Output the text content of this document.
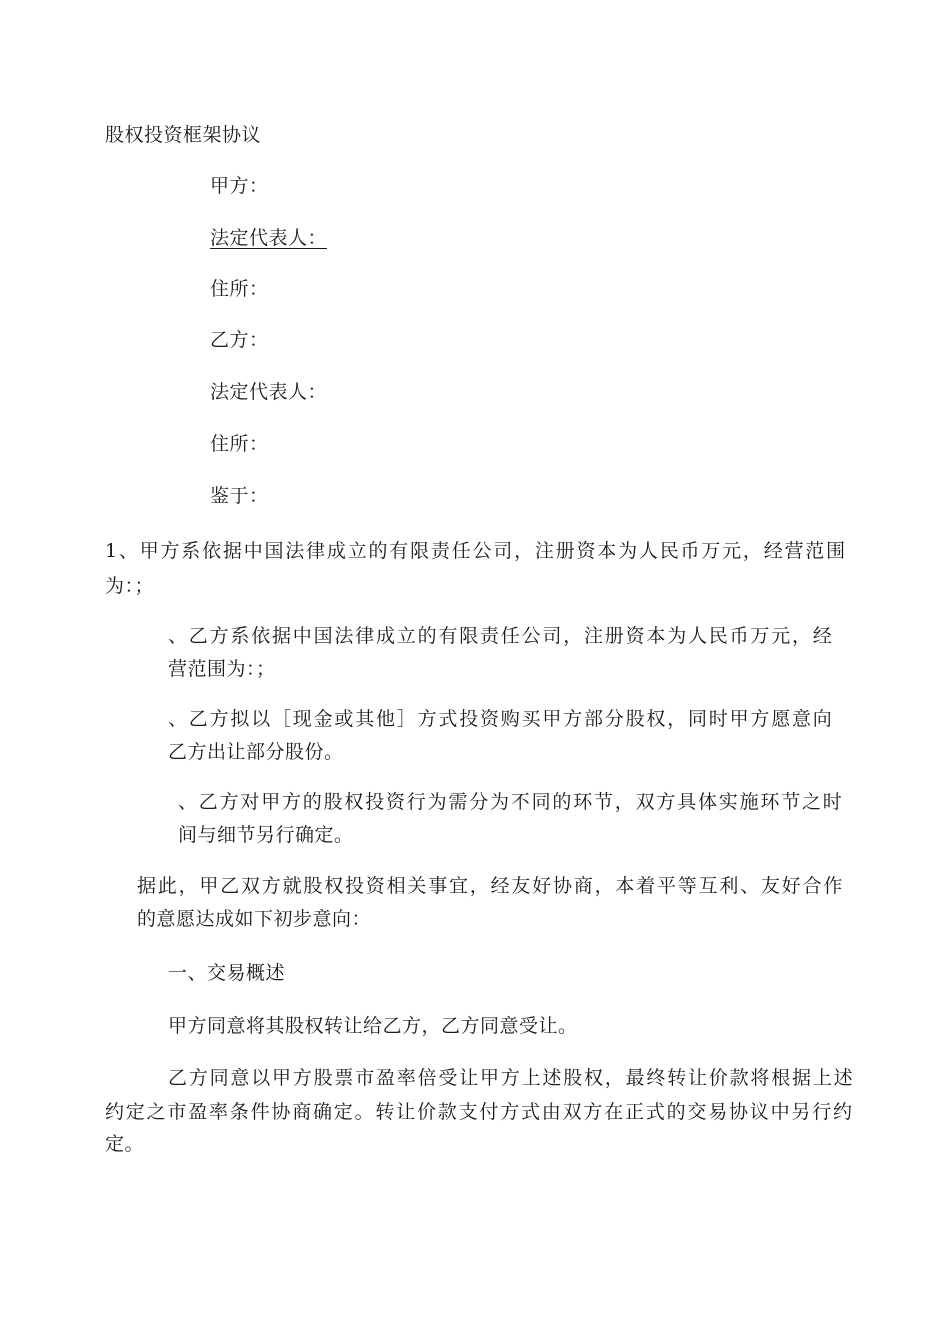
股权投资框架协议
甲方：
法定代表人：
住所：
乙方：
法定代表人：
住所：
鉴于：
1、甲方系依据中国法律成立的有限责任公司，注册资本为人民币万元，经营范围
为：；
、乙方系依据中国法律成立的有限责任公司，注册资本为人民币万元，经
营范围为：；
、乙方拟以［现金或其他］方式投资购买甲方部分股权，同时甲方愿意向
乙方出让部分股份。
、乙方对甲方的股权投资行为需分为不同的环节，双方具体实施环节之时
间与细节另行确定。
据此，甲乙双方就股权投资相关事宜，经友好协商，本着平等互利、友好合作
的意愿达成如下初步意向：
一、交易概述
甲方同意将其股权转让给乙方，乙方同意受让。
乙方同意以甲方股票市盈率倍受让甲方上述股权，最终转让价款将根据上述
约定之市盈率条件协商确定。转让价款支付方式由双方在正式的交易协议中另行约
定。
